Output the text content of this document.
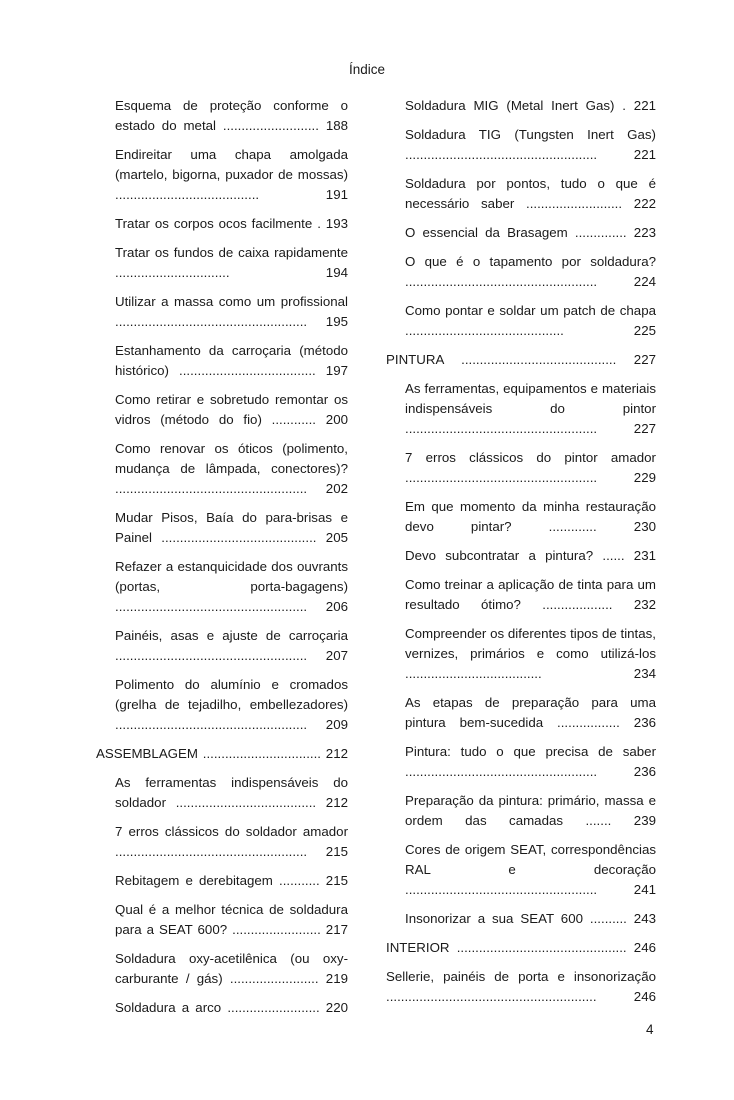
Índice
Esquema de proteção conforme o estado do metal .......................... 188
Endireitar uma chapa amolgada (martelo, bigorna, puxador de mossas) ....................................... 191
Tratar os corpos ocos facilmente . 193
Tratar os fundos de caixa rapidamente ............................... 194
Utilizar a massa como um profissional .................................................... 195
Estanhamento da carroçaria (método histórico) ..................................... 197
Como retirar e sobretudo remontar os vidros (método do fio) ............ 200
Como renovar os óticos (polimento, mudança de lâmpada, conectores)? .................................................... 202
Mudar Pisos, Baía do para-brisas e Painel .......................................... 205
Refazer a estanquicidade dos ouvrants (portas, porta-bagagens) .................................................... 206
Painéis, asas e ajuste de carroçaria .................................................... 207
Polimento do alumínio e cromados (grelha de tejadilho, embellezadores) .................................................... 209
ASSEMBLAGEM ................................ 212
As ferramentas indispensáveis do soldador ...................................... 212
7 erros clássicos do soldador amador .................................................... 215
Rebitagem e derebitagem ........... 215
Qual é a melhor técnica de soldadura para a SEAT 600? ........................ 217
Soldadura oxy-acetilênica (ou oxy-carburante / gás) ........................ 219
Soldadura a arco ......................... 220
Soldadura MIG (Metal Inert Gas) . 221
Soldadura TIG (Tungsten Inert Gas) .................................................... 221
Soldadura por pontos, tudo o que é necessário saber .......................... 222
O essencial da Brasagem .............. 223
O que é o tapamento por soldadura? .................................................... 224
Como pontar e soldar um patch de chapa ........................................... 225
PINTURA .......................................... 227
As ferramentas, equipamentos e materiais indispensáveis do pintor .................................................... 227
7 erros clássicos do pintor amador .................................................... 229
Em que momento da minha restauração devo pintar? ............. 230
Devo subcontratar a pintura? ...... 231
Como treinar a aplicação de tinta para um resultado ótimo? ................... 232
Compreender os diferentes tipos de tintas, vernizes, primários e como utilizá-los ..................................... 234
As etapas de preparação para uma pintura bem-sucedida ................. 236
Pintura: tudo o que precisa de saber .................................................... 236
Preparação da pintura: primário, massa e ordem das camadas ....... 239
Cores de origem SEAT, correspondências RAL e decoração .................................................... 241
Insonorizar a sua SEAT 600 .......... 243
INTERIOR .............................................. 246
Sellerie, painéis de porta e insonorização ......................................................... 246
4
